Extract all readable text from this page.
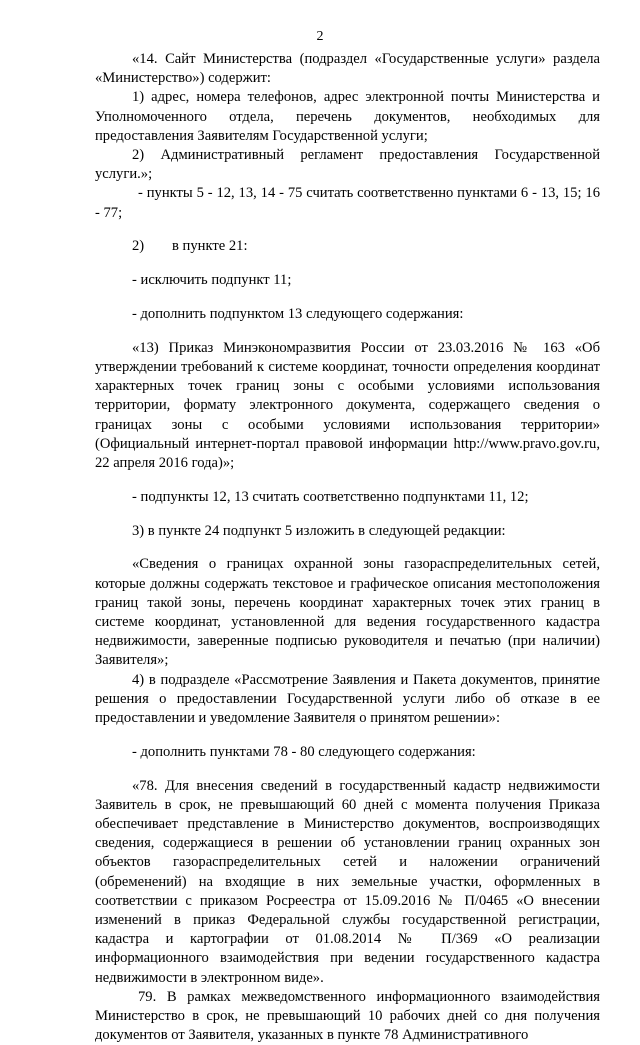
2

«14. Сайт Министерства (подраздел «Государственные услуги» раздела «Министерство») содержит:

1) адрес, номера телефонов, адрес электронной почты Министерства и Уполномоченного отдела, перечень документов, необходимых для предоставления Заявителям Государственной услуги;

2) Административный регламент предоставления Государственной услуги.»;

- пункты 5 - 12, 13, 14 - 75 считать соответственно пунктами 6 - 13, 15; 16 - 77;

2) в пункте 21:

- исключить подпункт 11;

- дополнить подпунктом 13 следующего содержания:

«13) Приказ Минэкономразвития России от 23.03.2016 № 163 «Об утверждении требований к системе координат, точности определения координат характерных точек границ зоны с особыми условиями использования территории, формату электронного документа, содержащего сведения о границах зоны с особыми условиями использования территории» (Официальный интернет-портал правовой информации http://www.pravo.gov.ru, 22 апреля 2016 года)»;

- подпункты 12, 13 считать соответственно подпунктами 11, 12;

3) в пункте 24 подпункт 5 изложить в следующей редакции:

«Сведения о границах охранной зоны газораспределительных сетей, которые должны содержать текстовое и графическое описания местоположения границ такой зоны, перечень координат характерных точек этих границ в системе координат, установленной для ведения государственного кадастра недвижимости, заверенные подписью руководителя и печатью (при наличии) Заявителя»;

4) в подразделе «Рассмотрение Заявления и Пакета документов, принятие решения о предоставлении Государственной услуги либо об отказе в ее предоставлении и уведомление Заявителя о принятом решении»:

- дополнить пунктами 78 - 80 следующего содержания:

«78. Для внесения сведений в государственный кадастр недвижимости Заявитель в срок, не превышающий 60 дней с момента получения Приказа обеспечивает представление в Министерство документов, воспроизводящих сведения, содержащиеся в решении об установлении границ охранных зон объектов газораспределительных сетей и наложении ограничений (обременений) на входящие в них земельные участки, оформленных в соответствии с приказом Росреестра от 15.09.2016 № П/0465 «О внесении изменений в приказ Федеральной службы государственной регистрации, кадастра и картографии от 01.08.2014 № П/369 «О реализации информационного взаимодействия при ведении государственного кадастра недвижимости в электронном виде».

79. В рамках межведомственного информационного взаимодействия Министерство в срок, не превышающий 10 рабочих дней со дня получения документов от Заявителя, указанных в пункте 78 Административного
